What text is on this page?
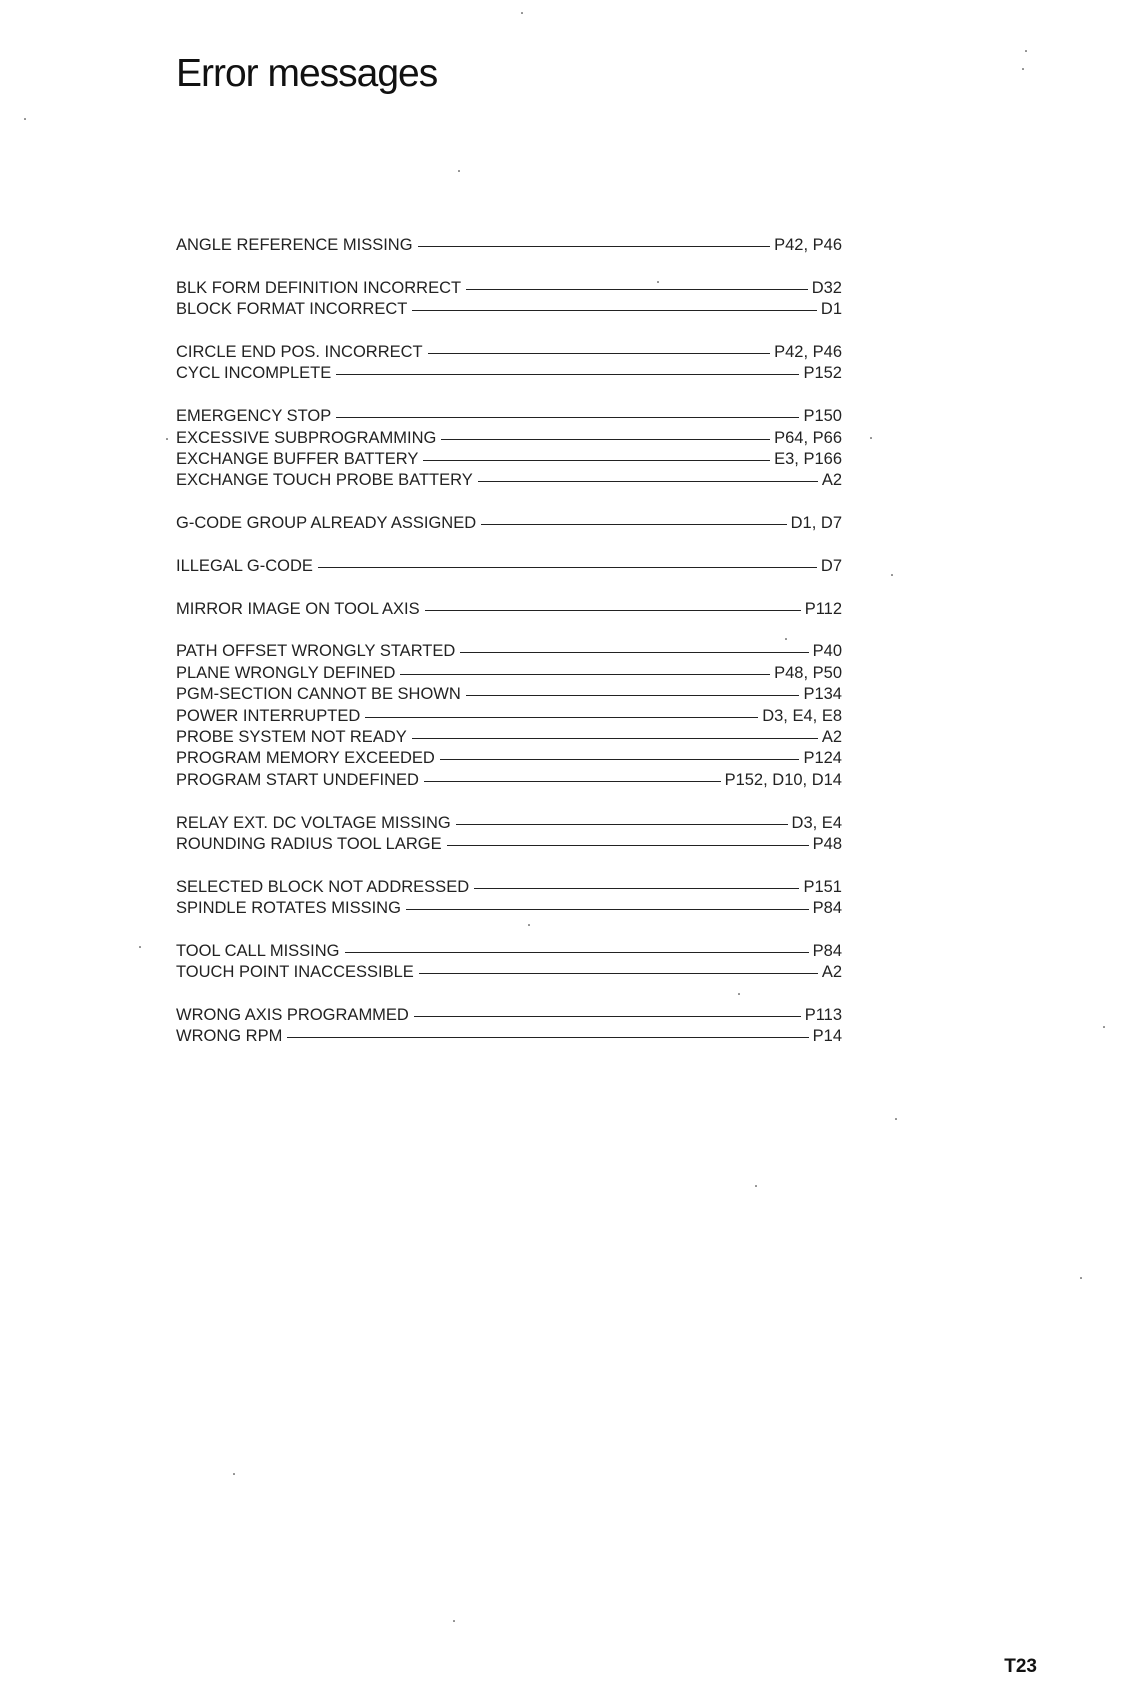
Error messages
ANGLE REFERENCE MISSING	P42, P46
BLK FORM DEFINITION INCORRECT	D32
BLOCK FORMAT INCORRECT	D1
CIRCLE END POS. INCORRECT	P42, P46
CYCL INCOMPLETE	P152
EMERGENCY STOP	P150
EXCESSIVE SUBPROGRAMMING	P64, P66
EXCHANGE BUFFER BATTERY	E3, P166
EXCHANGE TOUCH PROBE BATTERY	A2
G-CODE GROUP ALREADY ASSIGNED	D1, D7
ILLEGAL G-CODE	D7
MIRROR IMAGE ON TOOL AXIS	P112
PATH OFFSET WRONGLY STARTED	P40
PLANE WRONGLY DEFINED	P48, P50
PGM-SECTION CANNOT BE SHOWN	P134
POWER INTERRUPTED	D3, E4, E8
PROBE SYSTEM NOT READY	A2
PROGRAM MEMORY EXCEEDED	P124
PROGRAM START UNDEFINED	P152, D10, D14
RELAY EXT. DC VOLTAGE MISSING	D3, E4
ROUNDING RADIUS TOOL LARGE	P48
SELECTED BLOCK NOT ADDRESSED	P151
SPINDLE ROTATES MISSING	P84
TOOL CALL MISSING	P84
TOUCH POINT INACCESSIBLE	A2
WRONG AXIS PROGRAMMED	P113
WRONG RPM	P14
T23
